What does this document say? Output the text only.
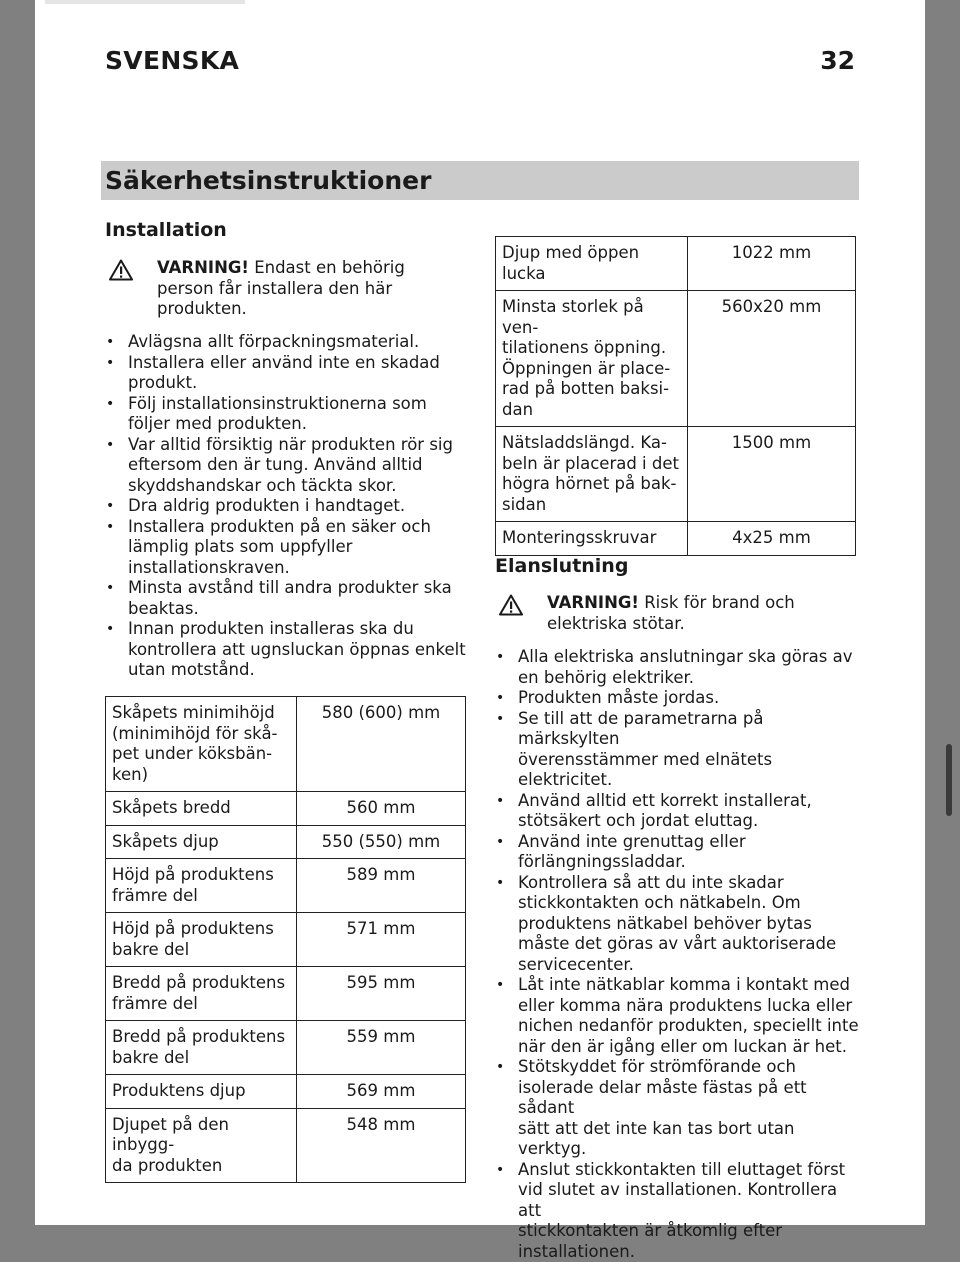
SVENSKA	32
Säkerhetsinstruktioner
Installation
VARNING! Endast en behörig
person får installera den här
produkten.
• Avlägsna allt förpackningsmaterial.
• Installera eller använd inte en skadad
produkt.
• Följ installationsinstruktionerna som
följer med produkten.
• Var alltid försiktig när produkten rör sig
eftersom den är tung. Använd alltid
skyddshandskar och täckta skor.
• Dra aldrig produkten i handtaget.
• Installera produkten på en säker och
lämplig plats som uppfyller
installationskraven.
• Minsta avstånd till andra produkter ska
beaktas.
• Innan produkten installeras ska du
kontrollera att ugnsluckan öppnas enkelt
utan motstånd.
Skåpets minimihöjd
(minimihöjd för skå-
pet under köksbän-
ken)	580 (600) mm

Skåpets bredd	560 mm

Skåpets djup	550 (550) mm

Höjd på produktens
främre del	589 mm

Höjd på produktens
bakre del	571 mm

Bredd på produktens
främre del	595 mm

Bredd på produktens
bakre del	559 mm

Produktens djup	569 mm

Djupet på den inbygg-
da produkten	548 mm
Djup med öppen
lucka	1022 mm

Minsta storlek på ven-
tilationens öppning.
Öppningen är place-
rad på botten baksi-
dan	560x20 mm

Nätsladdslängd. Ka-
beln är placerad i det
högra hörnet på bak-
sidan	1500 mm

Monteringsskruvar	4x25 mm
Elanslutning
VARNING! Risk för brand och
elektriska stötar.
• Alla elektriska anslutningar ska göras av
en behörig elektriker.
• Produkten måste jordas.
• Se till att de parametrarna på märkskylten
överensstämmer med elnätets
elektricitet.
• Använd alltid ett korrekt installerat,
stötsäkert och jordat eluttag.
• Använd inte grenuttag eller
förlängningssladdar.
• Kontrollera så att du inte skadar
stickkontakten och nätkabeln. Om
produktens nätkabel behöver bytas
måste det göras av vårt auktoriserade
servicecenter.
• Låt inte nätkablar komma i kontakt med
eller komma nära produktens lucka eller
nichen nedanför produkten, speciellt inte
när den är igång eller om luckan är het.
• Stötskyddet för strömförande och
isolerade delar måste fästas på ett sådant
sätt att det inte kan tas bort utan verktyg.
• Anslut stickkontakten till eluttaget först
vid slutet av installationen. Kontrollera att
stickkontakten är åtkomlig efter
installationen.
